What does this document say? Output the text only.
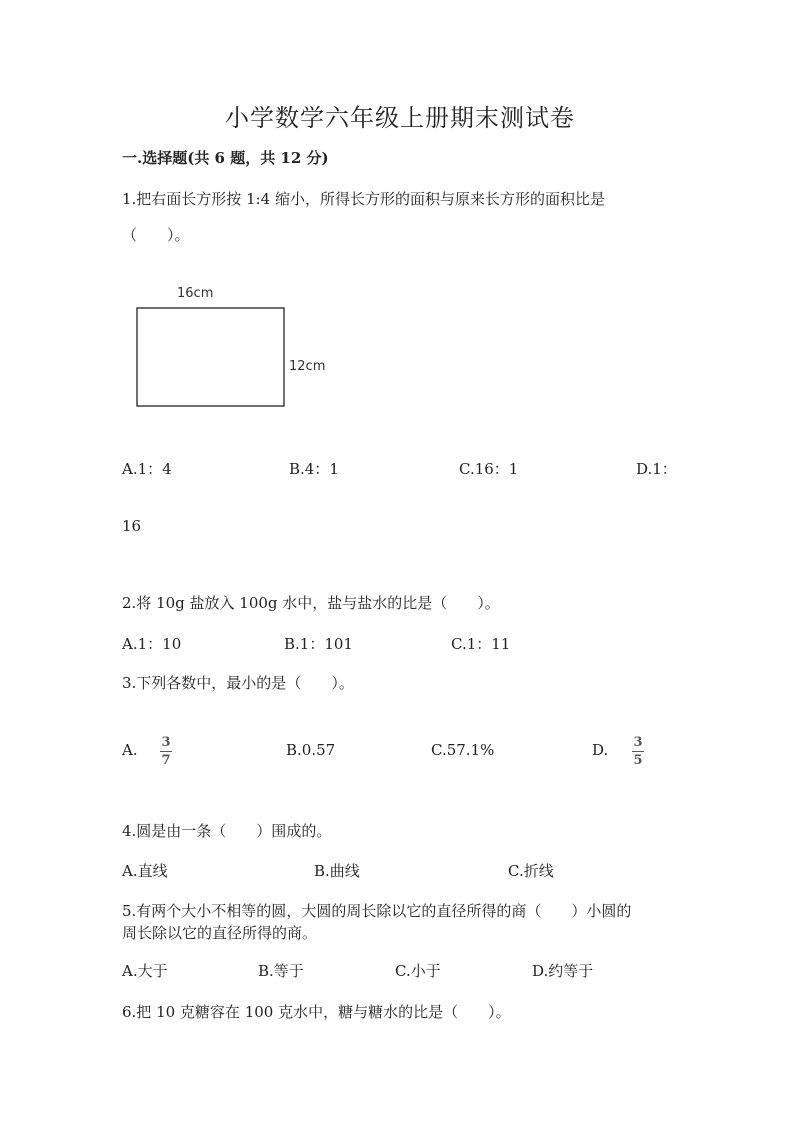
小学数学六年级上册期末测试卷
一.选择题(共 6 题，共 12 分)
1.把右面长方形按 1:4 缩小，所得长方形的面积与原来长方形的面积比是
（　　）。
16cm
12cm
A.1：4	B.4：1	C.16：1	D.1：
16
2.将 10g 盐放入 100g 水中，盐与盐水的比是（　　）。
A.1：10	B.1：101	C.1：11
3.下列各数中，最小的是（　　）。
A. 3
7
B.0.57	C.57.1%	D. 3
5
4.圆是由一条（　　）围成的。
A.直线	B.曲线	C.折线
5.有两个大小不相等的圆，大圆的周长除以它的直径所得的商（　　）小圆的
周长除以它的直径所得的商。
A.大于	B.等于	C.小于	D.约等于
6.把 10 克糖容在 100 克水中，糖与糖水的比是（　　）。
